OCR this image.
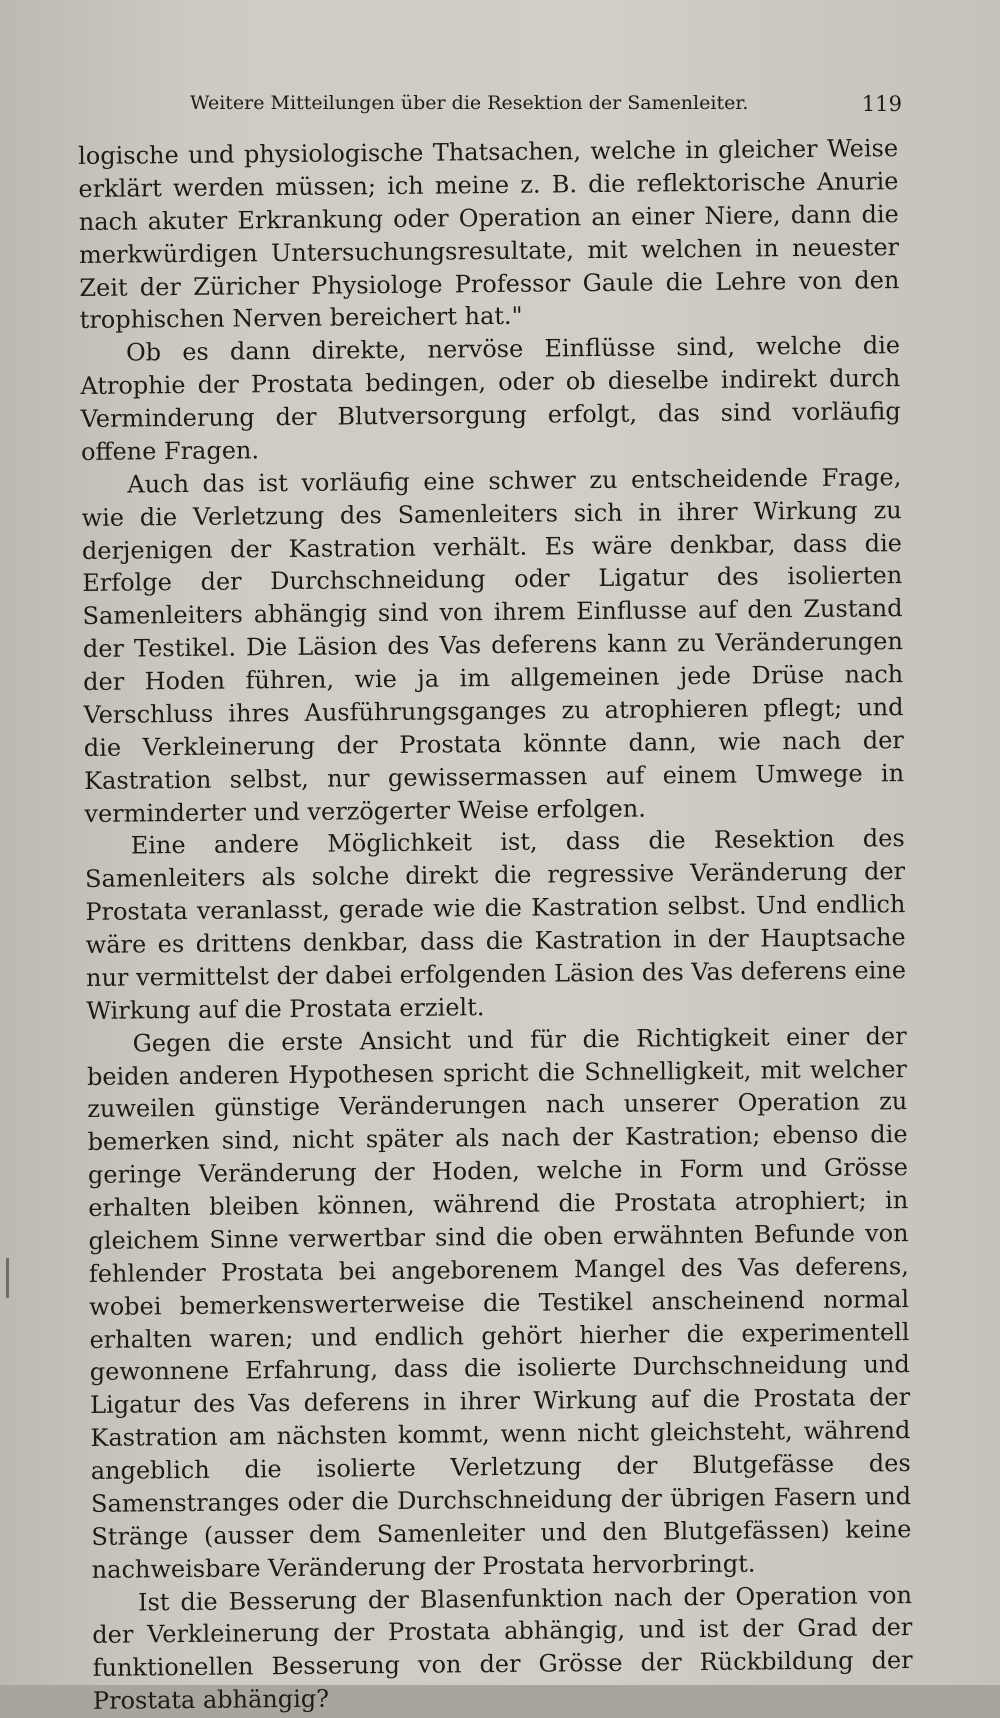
Weitere Mitteilungen über die Resektion der Samenleiter.	119

logische und physiologische Thatsachen, welche in gleicher Weise erklärt werden müssen; ich meine z. B. die reflektorische Anurie nach akuter Erkrankung oder Operation an einer Niere, dann die merkwürdigen Untersuchungsresultate, mit welchen in neuester Zeit der Züricher Physiologe Professor Gaule die Lehre von den trophischen Nerven bereichert hat."

Ob es dann direkte, nervöse Einflüsse sind, welche die Atrophie der Prostata bedingen, oder ob dieselbe indirekt durch Verminderung der Blutversorgung erfolgt, das sind vorläufig offene Fragen.

Auch das ist vorläufig eine schwer zu entscheidende Frage, wie die Verletzung des Samenleiters sich in ihrer Wirkung zu derjenigen der Kastration verhält. Es wäre denkbar, dass die Erfolge der Durchschneidung oder Ligatur des isolierten Samenleiters abhängig sind von ihrem Einflusse auf den Zustand der Testikel. Die Läsion des Vas deferens kann zu Veränderungen der Hoden führen, wie ja im allgemeinen jede Drüse nach Verschluss ihres Ausführungsganges zu atrophieren pflegt; und die Verkleinerung der Prostata könnte dann, wie nach der Kastration selbst, nur gewissermassen auf einem Umwege in verminderter und verzögerter Weise erfolgen.

Eine andere Möglichkeit ist, dass die Resektion des Samenleiters als solche direkt die regressive Veränderung der Prostata veranlasst, gerade wie die Kastration selbst. Und endlich wäre es drittens denkbar, dass die Kastration in der Hauptsache nur vermittelst der dabei erfolgenden Läsion des Vas deferens eine Wirkung auf die Prostata erzielt.

Gegen die erste Ansicht und für die Richtigkeit einer der beiden anderen Hypothesen spricht die Schnelligkeit, mit welcher zuweilen günstige Veränderungen nach unserer Operation zu bemerken sind, nicht später als nach der Kastration; ebenso die geringe Veränderung der Hoden, welche in Form und Grösse erhalten bleiben können, während die Prostata atrophiert; in gleichem Sinne verwertbar sind die oben erwähnten Befunde von fehlender Prostata bei angeborenem Mangel des Vas deferens, wobei bemerkenswerterweise die Testikel anscheinend normal erhalten waren; und endlich gehört hierher die experimentell gewonnene Erfahrung, dass die isolierte Durchschneidung und Ligatur des Vas deferens in ihrer Wirkung auf die Prostata der Kastration am nächsten kommt, wenn nicht gleichsteht, während angeblich die isolierte Verletzung der Blutgefässe des Samenstranges oder die Durchschneidung der übrigen Fasern und Stränge (ausser dem Samenleiter und den Blutgefässen) keine nachweisbare Veränderung der Prostata hervorbringt.

Ist die Besserung der Blasenfunktion nach der Operation von der Verkleinerung der Prostata abhängig, und ist der Grad der funktionellen Besserung von der Grösse der Rückbildung der Prostata abhängig?
